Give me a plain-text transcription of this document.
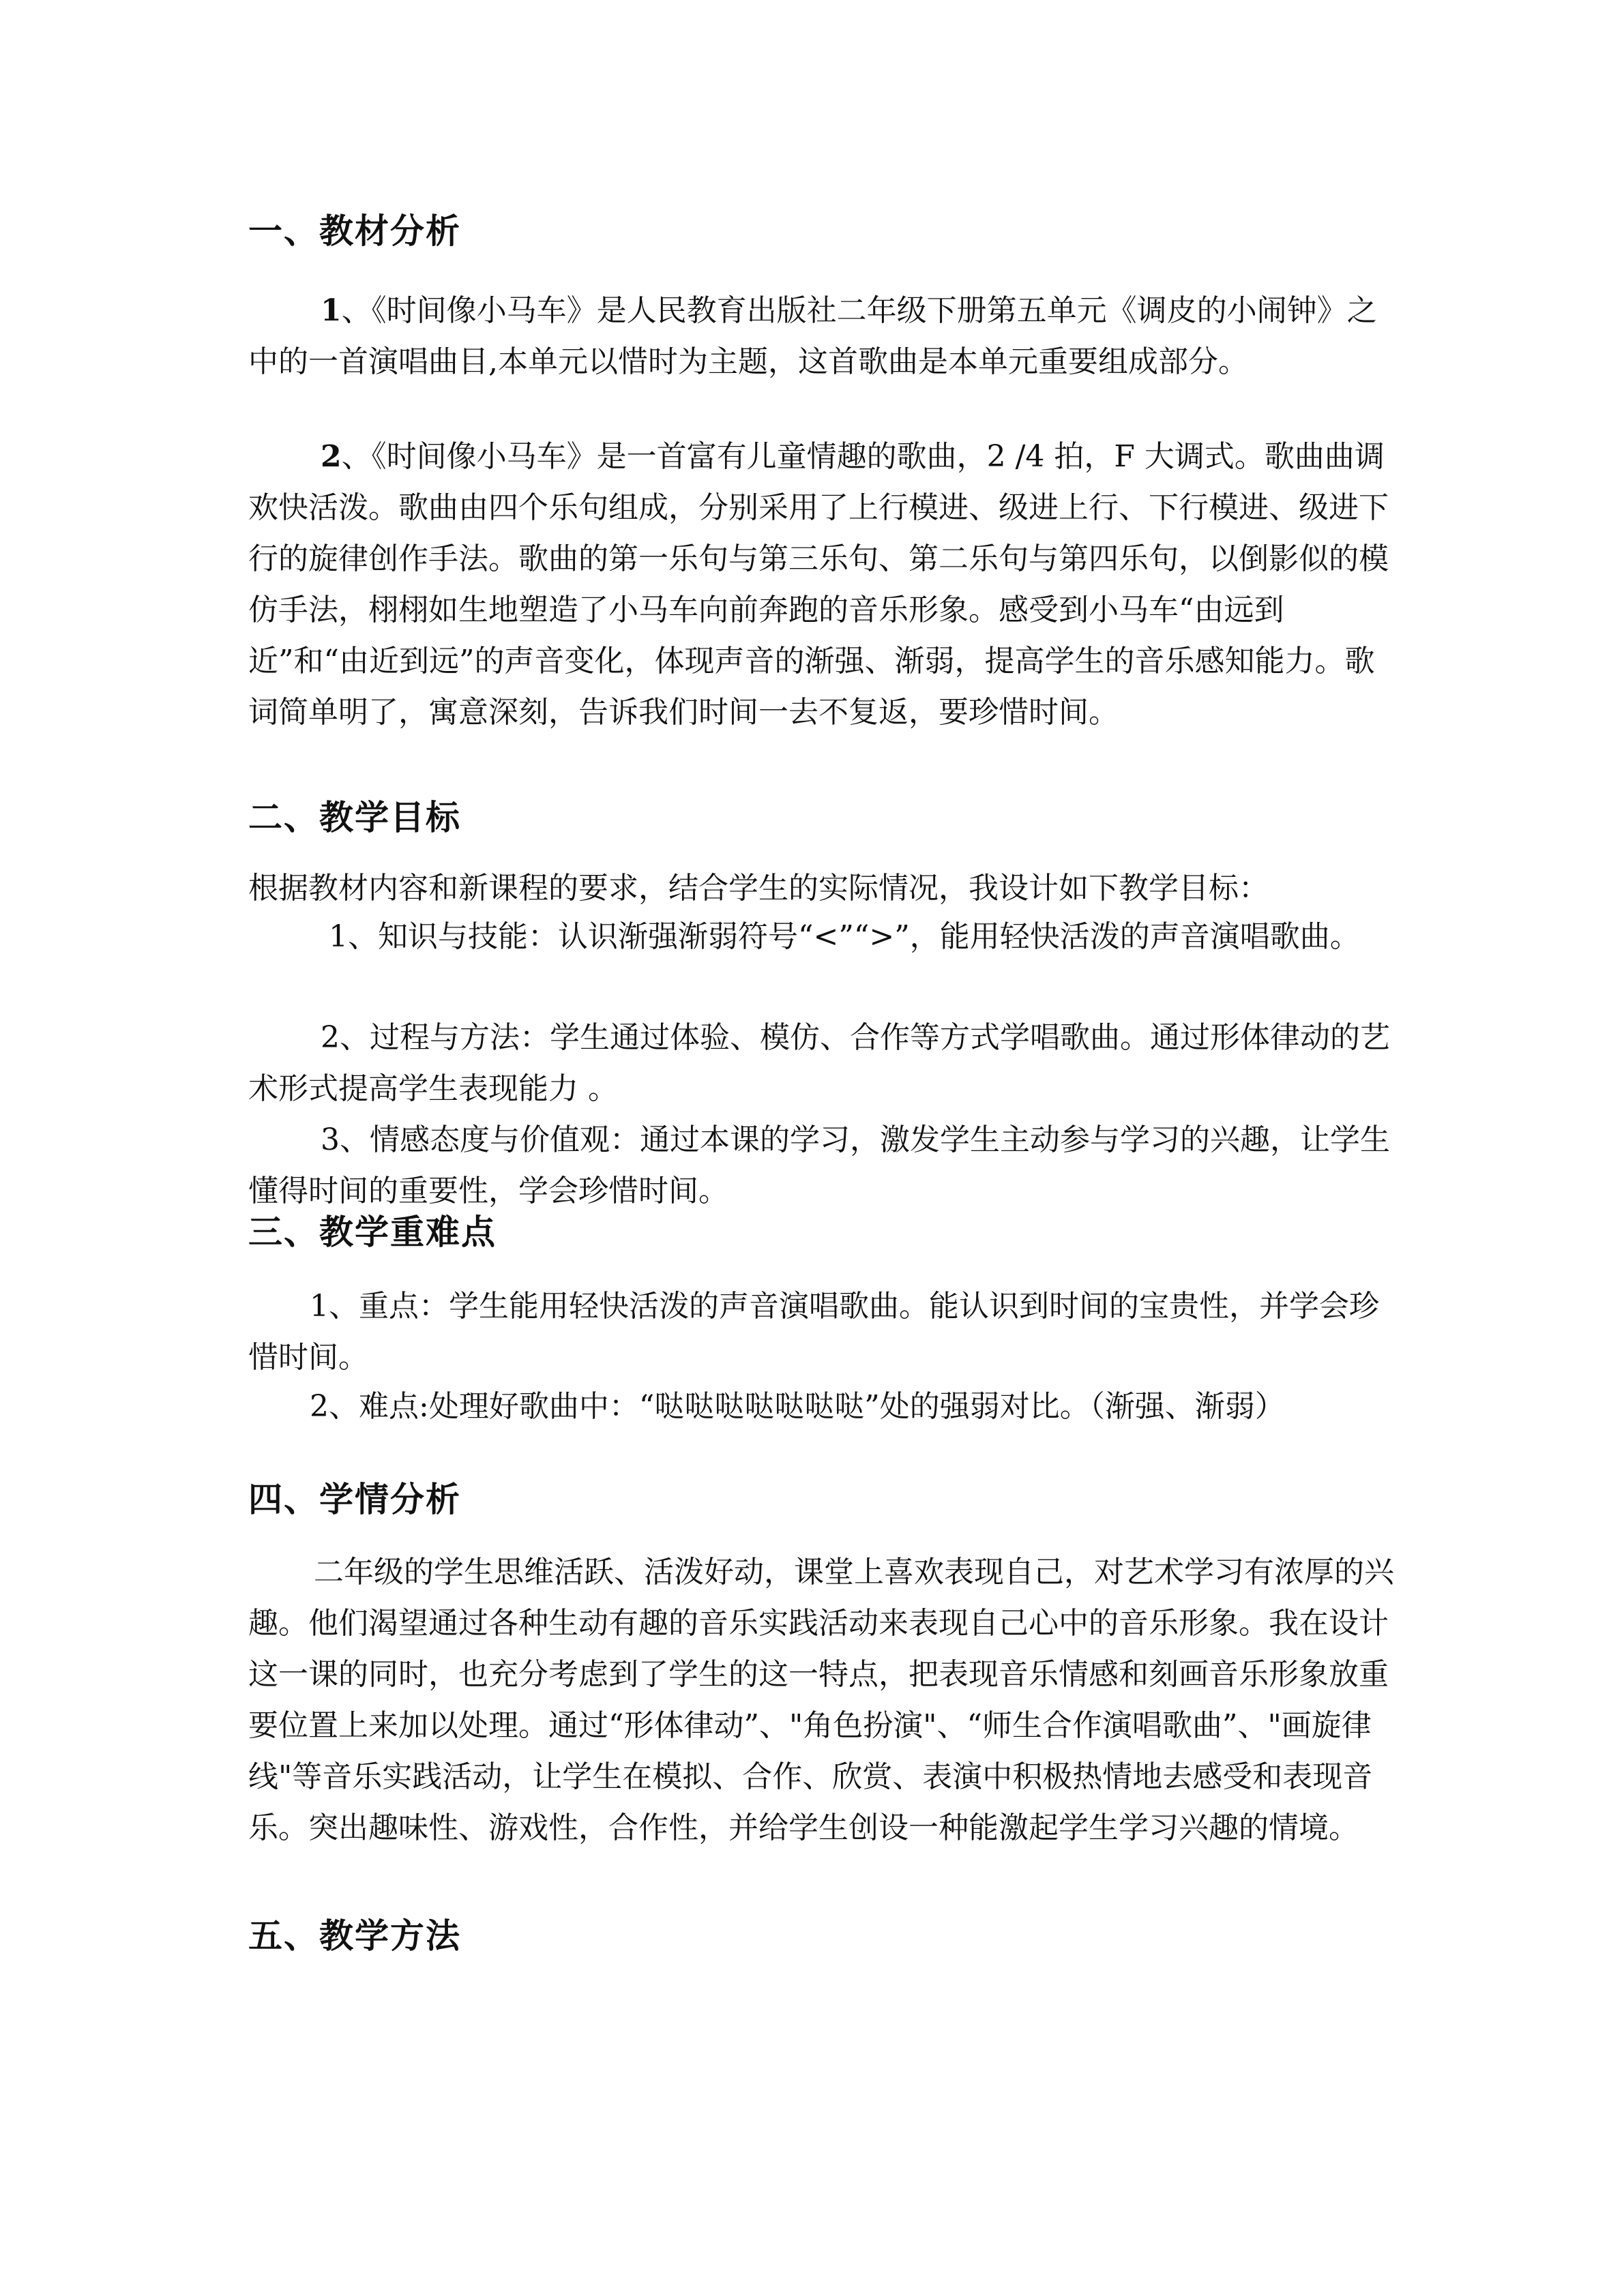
一、教材分析

1、《时间像小马车》是人民教育出版社二年级下册第五单元《调皮的小闹钟》之中的一首演唱曲目,本单元以惜时为主题，这首歌曲是本单元重要组成部分。

2、《时间像小马车》是一首富有儿童情趣的歌曲，2 /4 拍，F 大调式。歌曲曲调欢快活泼。歌曲由四个乐句组成，分别采用了上行模进、级进上行、下行模进、级进下行的旋律创作手法。歌曲的第一乐句与第三乐句、第二乐句与第四乐句，以倒影似的模仿手法，栩栩如生地塑造了小马车向前奔跑的音乐形象。感受到小马车“由远到近”和“由近到远”的声音变化，体现声音的渐强、渐弱，提高学生的音乐感知能力。歌词简单明了，寓意深刻，告诉我们时间一去不复返，要珍惜时间。

二、教学目标

根据教材内容和新课程的要求，结合学生的实际情况，我设计如下教学目标：

1、知识与技能：认识渐强渐弱符号“<”“>”，能用轻快活泼的声音演唱歌曲。

2、过程与方法：学生通过体验、模仿、合作等方式学唱歌曲。通过形体律动的艺术形式提高学生表现能力 。

3、情感态度与价值观：通过本课的学习，激发学生主动参与学习的兴趣，让学生懂得时间的重要性，学会珍惜时间。

三、教学重难点

1、重点：学生能用轻快活泼的声音演唱歌曲。能认识到时间的宝贵性，并学会珍惜时间。

2、难点:处理好歌曲中：“哒哒哒哒哒哒哒”处的强弱对比。（渐强、渐弱）

四、学情分析

二年级的学生思维活跃、活泼好动，课堂上喜欢表现自己，对艺术学习有浓厚的兴趣。他们渴望通过各种生动有趣的音乐实践活动来表现自己心中的音乐形象。我在设计这一课的同时，也充分考虑到了学生的这一特点，把表现音乐情感和刻画音乐形象放重要位置上来加以处理。通过“形体律动”、"角色扮演"、“师生合作演唱歌曲”、"画旋律线"等音乐实践活动，让学生在模拟、合作、欣赏、表演中积极热情地去感受和表现音乐。突出趣味性、游戏性，合作性，并给学生创设一种能激起学生学习兴趣的情境。

五、教学方法
